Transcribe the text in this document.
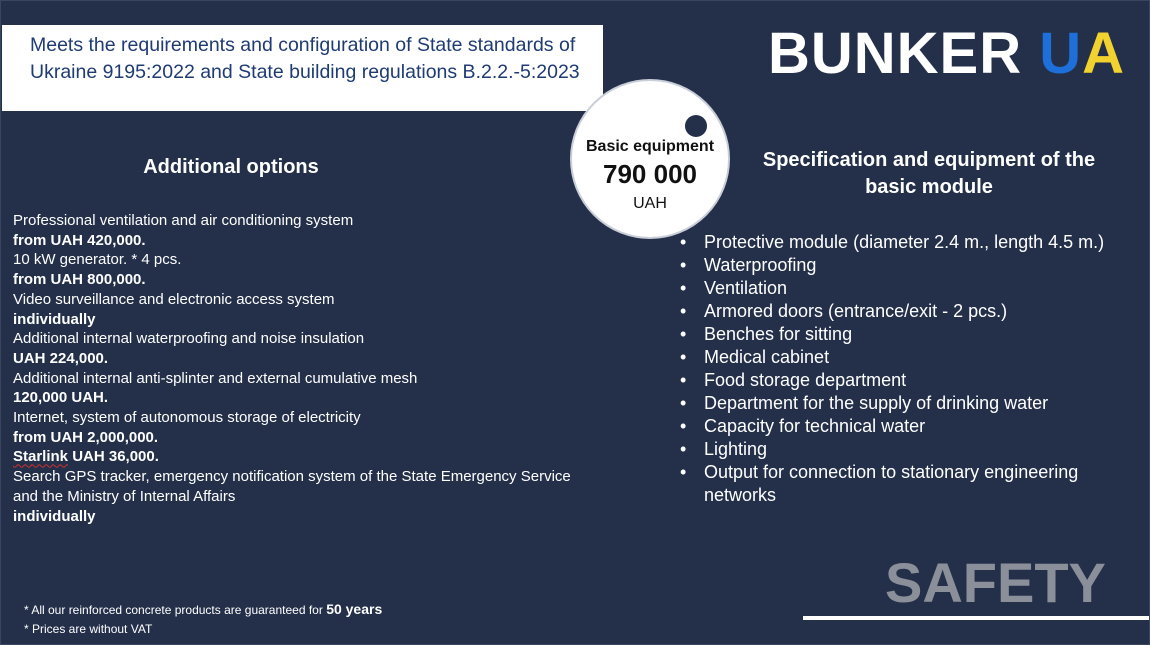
Meets the requirements and configuration of State standards of Ukraine 9195:2022 and State building regulations B.2.2.-5:2023	BUNKER UA
Basic equipment
790 000
UAH
Additional options
Professional ventilation and air conditioning system
from UAH 420,000.
10 kW generator. * 4 pcs.
from UAH 800,000.
Video surveillance and electronic access system
individually
Additional internal waterproofing and noise insulation
UAH 224,000.
Additional internal anti-splinter and external cumulative mesh
120,000 UAH.
Internet, system of autonomous storage of electricity
from UAH 2,000,000.
Starlink UAH 36,000.
Search GPS tracker, emergency notification system of the State Emergency Service and the Ministry of Internal Affairs
individually
Specification and equipment of the basic module
• Protective module (diameter 2.4 m., length 4.5 m.)
• Waterproofing
• Ventilation
• Armored doors (entrance/exit - 2 pcs.)
• Benches for sitting
• Medical cabinet
• Food storage department
• Department for the supply of drinking water
• Capacity for technical water
• Lighting
• Output for connection to stationary engineering networks
SAFETY
* All our reinforced concrete products are guaranteed for 50 years
* Prices are without VAT
